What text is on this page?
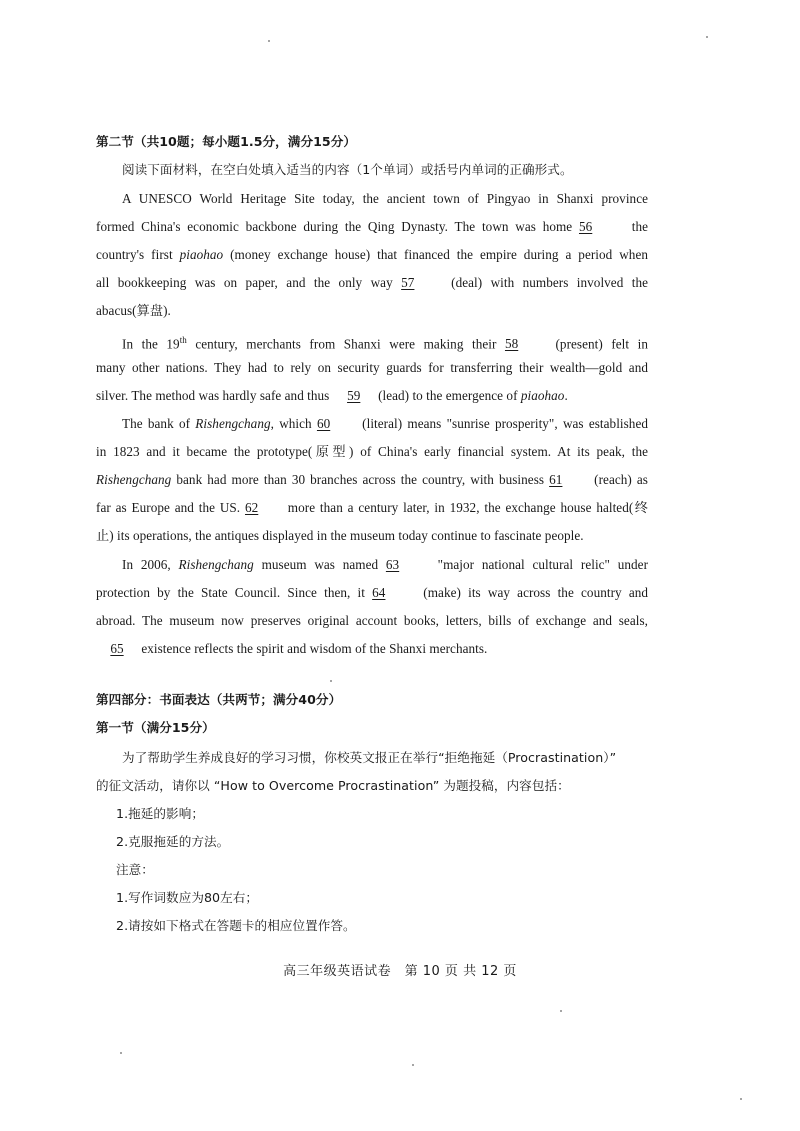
第二节（共10题；每小题1.5分，满分15分）
阅读下面材料，在空白处填入适当的内容（1个单词）或括号内单词的正确形式。
A UNESCO World Heritage Site today, the ancient town of Pingyao in Shanxi province
formed China's economic backbone during the Qing Dynasty. The town was home 56 the
country's first piaohao (money exchange house) that financed the empire during a period when
all bookkeeping was on paper, and the only way 57	(deal) with numbers involved the
abacus(算盘).
In the 19th century, merchants from Shanxi were making their 58 (present) felt in
many other nations. They had to rely on security guards for transferring their wealth—gold and
silver. The method was hardly safe and thus 59 (lead) to the emergence of piaohao.
The bank of Rishengchang, which 60 (literal) means "sunrise prosperity", was established
in 1823 and it became the prototype(原型) of China's early financial system. At its peak, the
Rishengchang bank had more than 30 branches across the country, with business 61 (reach) as
far as Europe and the US. 62 more than a century later, in 1932, the exchange house halted(终
止) its operations, the antiques displayed in the museum today continue to fascinate people.
In 2006, Rishengchang museum was named 63 "major national cultural relic" under
protection by the State Council. Since then, it 64 (make) its way across the country and
abroad. The museum now preserves original account books, letters, bills of exchange and seals,
65 existence reflects the spirit and wisdom of the Shanxi merchants.
第四部分：书面表达（共两节；满分40分）
第一节（满分15分）
为了帮助学生养成良好的学习习惯，你校英文报正在举行“拒绝拖延（Procrastination）”
的征文活动，请你以 “How to Overcome Procrastination” 为题投稿，内容包括：
1.拖延的影响；
2.克服拖延的方法。
注意：
1.写作词数应为80左右；
2.请按如下格式在答题卡的相应位置作答。
高三年级英语试卷　第 10 页 共 12 页
